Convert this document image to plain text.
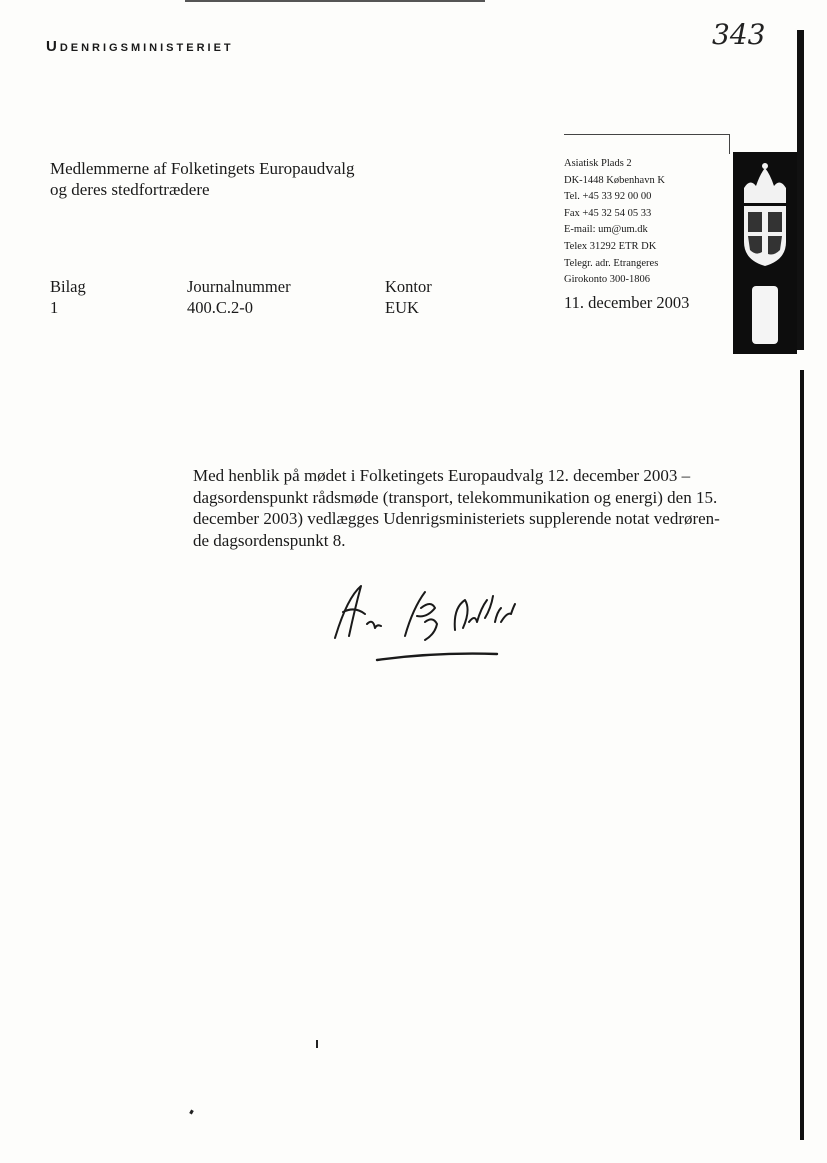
Udenrigsministeriet	343
Medlemmerne af Folketingets Europaudvalg
og deres stedfortrædere
Bilag
1
Journalnummer
400.C.2-0
Kontor
EUK
Asiatisk Plads 2
DK-1448 København K
Tel. +45 33 92 00 00
Fax +45 32 54 05 33
E-mail: um@um.dk
Telex 31292 ETR DK
Telegr. adr. Etrangeres
Girokonto 300-1806
11. december 2003
Med henblik på mødet i Folketingets Europaudvalg 12. december 2003 –
dagsordenspunkt rådsmøde (transport, telekommunikation og energi) den 15.
december 2003) vedlægges Udenrigsministeriets supplerende notat vedrøren-
de dagsordenspunkt 8.
